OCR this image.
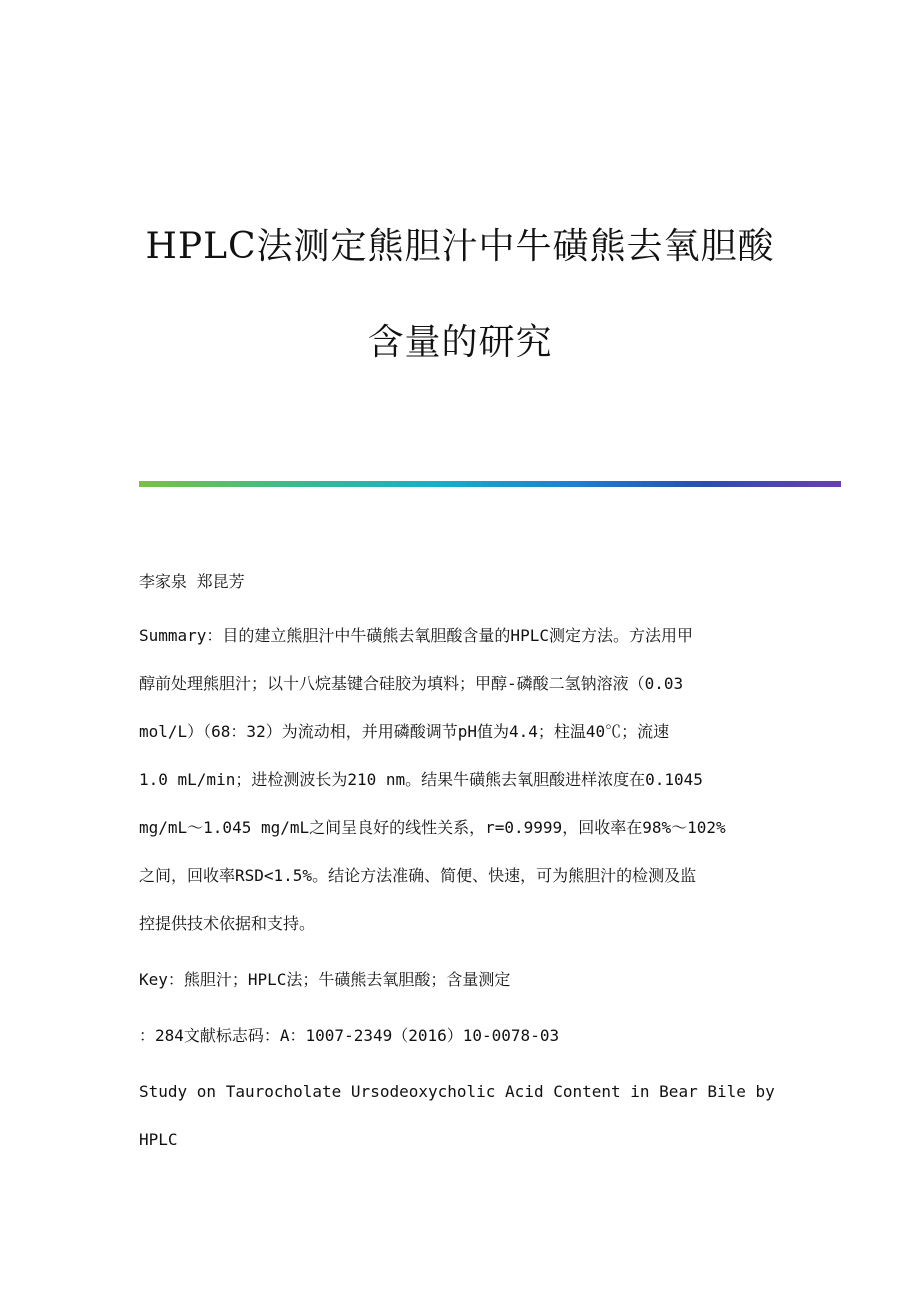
HPLC法测定熊胆汁中牛磺熊去氧胆酸
含量的研究

李家泉 郑昆芳

Summary：目的建立熊胆汁中牛磺熊去氧胆酸含量的HPLC测定方法。方法用甲
醇前处理熊胆汁；以十八烷基键合硅胶为填料；甲醇-磷酸二氢钠溶液（0.03
mol/L）（68：32）为流动相，并用磷酸调节pH值为4.4；柱温40℃；流速
1.0 mL/min；进检测波长为210 nm。结果牛磺熊去氧胆酸进样浓度在0.1045
mg/mL～1.045 mg/mL之间呈良好的线性关系，r=0.9999，回收率在98%～102%
之间，回收率RSD<1.5%。结论方法准确、简便、快速，可为熊胆汁的检测及监
控提供技术依据和支持。

Key：熊胆汁；HPLC法；牛磺熊去氧胆酸；含量测定

：284文献标志码：A：1007-2349（2016）10-0078-03

Study on Taurocholate Ursodeoxycholic Acid Content in Bear Bile by
HPLC
